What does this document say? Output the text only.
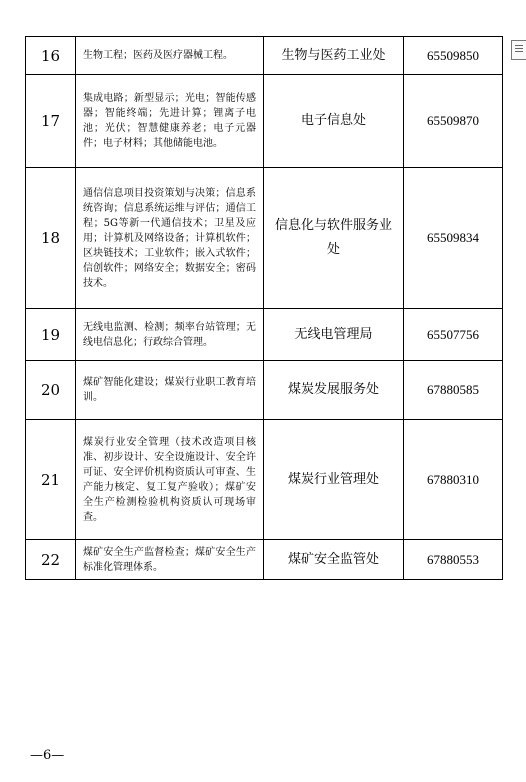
16	生物工程；医药及医疗器械工程。	生物与医药工业处	65509850
17	集成电路；新型显示；光电；智能传感器；智能终端；先进计算；锂离子电池；光伏；智慧健康养老；电子元器件；电子材料；其他储能电池。	电子信息处	65509870
18	通信信息项目投资策划与决策；信息系统咨询；信息系统运维与评估；通信工程；5G等新一代通信技术；卫星及应用；计算机及网络设备；计算机软件；区块链技术；工业软件；嵌入式软件；信创软件；网络安全；数据安全；密码技术。	信息化与软件服务业处	65509834
19	无线电监测、检测；频率台站管理；无线电信息化；行政综合管理。	无线电管理局	65507756
20	煤矿智能化建设；煤炭行业职工教育培训。	煤炭发展服务处	67880585
21	煤炭行业安全管理（技术改造项目核准、初步设计、安全设施设计、安全许可证、安全评价机构资质认可审查、生产能力核定、复工复产验收）；煤矿安全生产检测检验机构资质认可现场审查。	煤炭行业管理处	67880310
22	煤矿安全生产监督检查；煤矿安全生产标准化管理体系。	煤矿安全监管处	67880553
—6—
